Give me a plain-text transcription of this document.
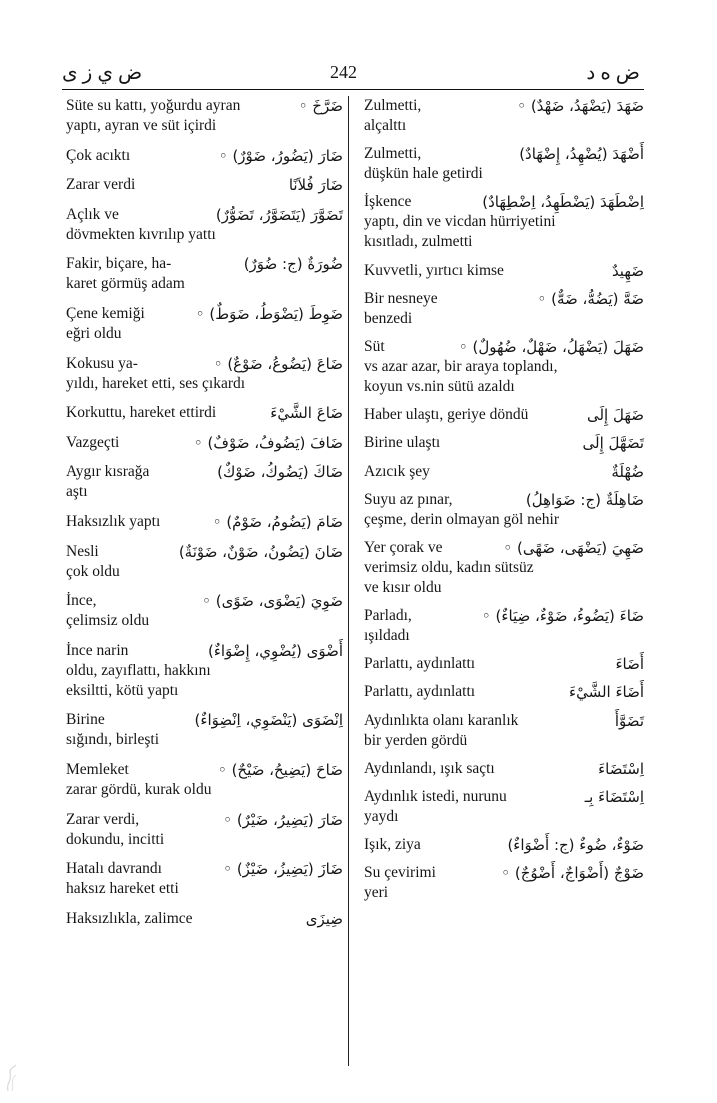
ض ي ز ى	242	ض ه د
Süte su kattı, yoğurdu ayran	ضَرَّخَ ◦
yaptı, ayran ve süt içirdi
Çok acıktı	ضَارَ (يَضُورُ، ضَوْرٌ) ◦
Zarar verdi	ضَارَ فُلاَنًا
Açlık ve	تَضَوَّرَ (يَتَضَوَّرُ، تَضَوُّرٌ)
dövmekten kıvrılıp yattı
Fakir, biçare, ha-	ضُورَةٌ (ج: ضُوَرٌ)
karet görmüş adam
Çene kemiği	ضَوِطَ (يَضْوَطُ، ضَوَطٌ) ◦
eğri oldu
Kokusu ya-	ضَاعَ (يَضُوعُ، ضَوْعٌ) ◦
yıldı, hareket etti, ses çıkardı
Korkuttu, hareket ettirdi	ضَاعَ الشَّيْءَ
Vazgeçti	ضَافَ (يَضُوفُ، ضَوْفٌ) ◦
Aygır kısrağa	ضَاكَ (يَضُوكُ، ضَوْكٌ)
aştı
Haksızlık yaptı	ضَامَ (يَضُومُ، ضَوْمٌ) ◦
Nesli	ضَانَ (يَضُونُ، ضَوْنٌ، ضَوْنَةٌ)
çok oldu
İnce,	ضَوِيَ (يَضْوَى، ضَوًى) ◦
çelimsiz oldu
İnce narin	أَضْوَى (يُضْوِي، إِضْوَاءٌ)
oldu, zayıflattı, hakkını
eksiltti, kötü yaptı
Birine	اِنْضَوَى (يَنْضَوِي، اِنْضِوَاءٌ)
sığındı, birleşti
Memleket	ضَاحَ (يَضِيحُ، ضَيْحٌ) ◦
zarar gördü, kurak oldu
Zarar verdi,	ضَارَ (يَضِيرُ، ضَيْرٌ) ◦
dokundu, incitti
Hatalı davrandı	ضَازَ (يَضِيزُ، ضَيْزٌ) ◦
haksız hareket etti
Haksızlıkla, zalimce	ضِيزَى
Zulmetti,	ضَهَدَ (يَضْهَدُ، ضَهْدٌ) ◦
alçalttı
Zulmetti,	أَضْهَدَ (يُضْهِدُ، إِضْهَادٌ)
düşkün hale getirdi
İşkence	اِضْطَهَدَ (يَضْطَهِدُ، اِضْطِهَادٌ)
yaptı, din ve vicdan hürriyetini
kısıtladı, zulmetti
Kuvvetli, yırtıcı kimse	ضَهِيدٌ
Bir nesneye	ضَهَّ (يَضُهُّ، ضَهٌّ) ◦
benzedi
Süt	ضَهَلَ (يَضْهَلُ، ضَهْلٌ، ضُهُولٌ) ◦
vs azar azar, bir araya toplandı,
koyun vs.nin sütü azaldı
Haber ulaştı, geriye döndü	ضَهَلَ إِلَى
Birine ulaştı	تَضَهَّلَ إِلَى
Azıcık şey	ضُهْلَةٌ
Suyu az pınar,	ضَاهِلَةٌ (ج: ضَوَاهِلُ)
çeşme, derin olmayan göl nehir
Yer çorak ve	ضَهِيَ (يَضْهَى، ضَهًى) ◦
verimsiz oldu, kadın sütsüz
ve kısır oldu
Parladı,	ضَاءَ (يَضُوءُ، ضَوْءٌ، ضِيَاءٌ) ◦
ışıldadı
Parlattı, aydınlattı	أَضَاءَ
Parlattı, aydınlattı	أَضَاءَ الشَّيْءَ
Aydınlıkta olanı karanlık	تَضَوَّأَ
bir yerden gördü
Aydınlandı, ışık saçtı	اِسْتَضَاءَ
Aydınlık istedi, nurunu	اِسْتَضَاءَ بِـ
yaydı
Işık, ziya	ضَوْءٌ، ضُوءٌ (ج: أَضْوَاءٌ)
Su çevirimi	ضَوْجٌ (أَضْوَاجٌ، أَضْوُجٌ) ◦
yeri
